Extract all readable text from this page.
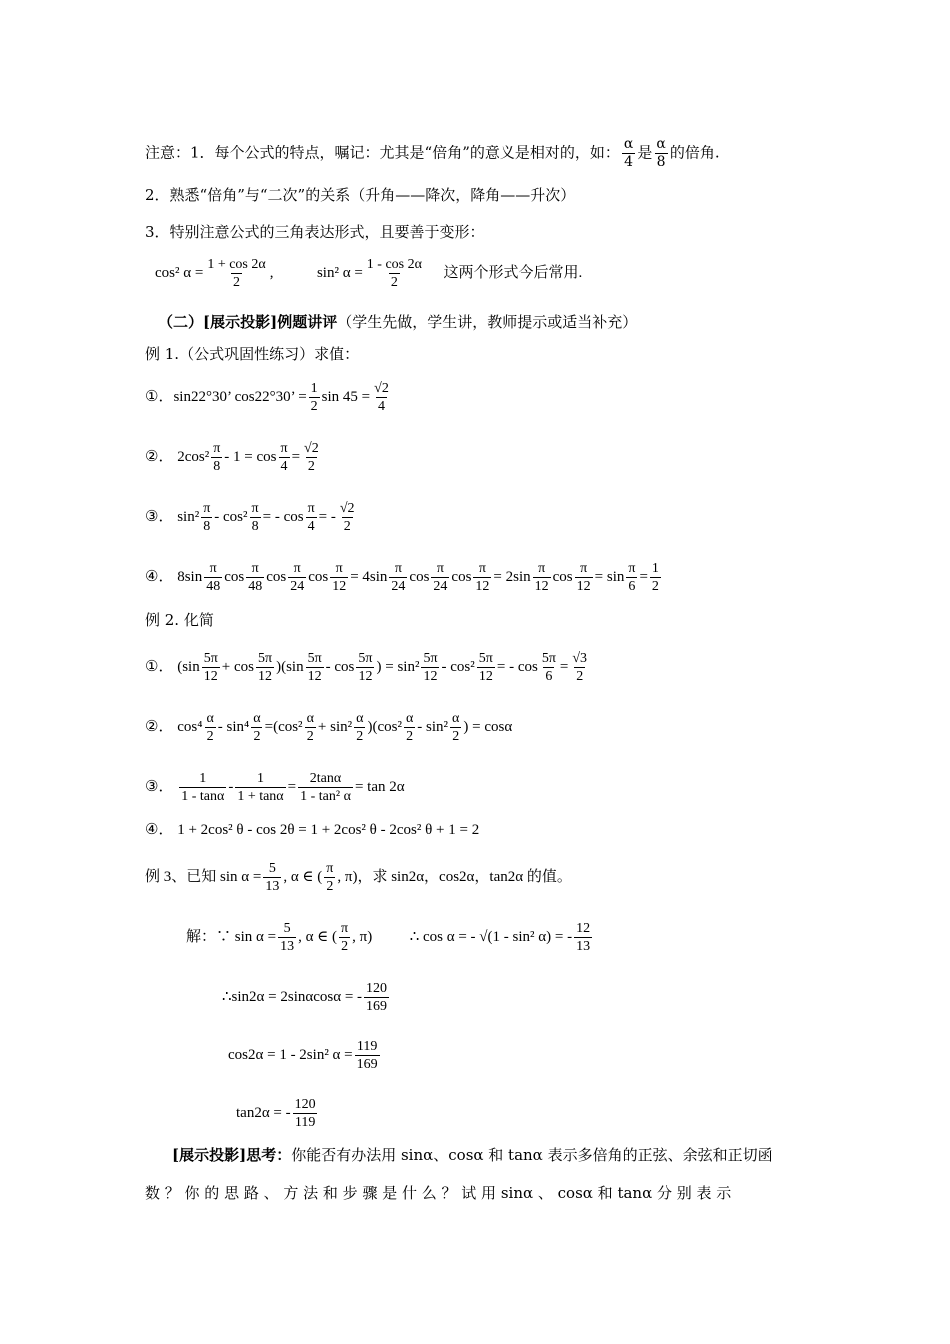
注意：1．每个公式的特点，嘱记：尤其是“倍角”的意义是相对的，如： $\frac{\alpha}{4}$ 是 $\frac{\alpha}{8}$ 的倍角.
2．熟悉“倍角”与“二次”的关系（升角——降次，降角——升次）
3．特别注意公式的三角表达形式，且要善于变形：
cos² $\alpha = \frac{1 + \cos 2\alpha}{2}$ ,	sin² $\alpha = \frac{1 - \cos 2\alpha}{2}$ 这两个形式今后常用.
（二）[展示投影]例题讲评（学生先做，学生讲，教师提示或适当补充）
例 1.（公式巩固性练习）求值：
①．sin22°30’ cos22°30’ = $\frac{1}{2}$ $\sin 45 = \frac{√2}{4}$
②． $2\cos^2 \frac{\pi}{8} - 1 = \cos \frac{\pi}{4} = \frac{√2}{2}$
③． $\sin^2 \frac{\pi}{8} - \cos^2 \frac{\pi}{8}$ = - $\cos \frac{\pi}{4}$ = - $\frac{√2}{2}$
④． $8\sin \frac{\pi}{48}$ $\cos \frac{\pi}{48}$ $\cos \frac{\pi}{24}$ $\cos \frac{\pi}{12} = 4\sin \frac{\pi}{24}$ $\cos \frac{\pi}{24}$ $\cos \frac{\pi}{12} = 2\sin \frac{\pi}{12}$ $\cos \frac{\pi}{12} = \sin \frac{\pi}{6} = \frac{1}{2}$
例 2. 化简
①． $(\sin \frac{5\pi}{12} + \cos \frac{5\pi}{12} )(\sin \frac{5\pi}{12} - \cos \frac{5\pi}{12}$ ) = $\sin^2 \frac{5\pi}{12} - \cos^2 \frac{5\pi}{12}$ = - $\cos \frac{5\pi}{6} = \frac{√3}{2}$
②． $\cos^4 \frac{\alpha}{2} - \sin^4 \frac{\alpha}{2} =(\cos^2 \frac{\alpha}{2} + \sin^2 \frac{\alpha}{2} )(\cos^2 \frac{\alpha}{2} - \sin^2 \frac{\alpha}{2}$ ) = cosα
③． $\frac{1}{1 - \tan\alpha} - \frac{1}{1 + \tan\alpha} = \frac{2\tan\alpha}{\text{1 - tan² α}} = \tan 2\alpha$
④． 1 + 2cos² θ - cos 2θ = 1 + 2cos² θ - 2cos² θ + 1 = 2
例 3、已知 $\sin \alpha = \frac{5}{13}$ , α ∈ ( $\frac{\pi}{2}$ , π)，求 sin2α，cos2α，tan2α 的值。
解：∵ $\sin \alpha = \frac{5}{13}$ , α ∈ ( $\frac{\pi}{2}$ , π)	∴ cos α = - √(1 - sin² α) = - $\frac{12}{13}$
∴sin2α = 2sinαcosα = - $\frac{120}{169}$
cos2α = 1 - 2sin² $\alpha = \frac{119}{169}$
tan2α = - $\frac{120}{119}$
[展示投影]思考：你能否有办法用 sinα、cosα 和 tanα 表示多倍角的正弦、余弦和正切函
数 ？ 你 的 思 路 、 方 法 和 步 骤 是 什 么 ？ 试 用 sinα 、 cosα 和 tanα 分 别 表 示
